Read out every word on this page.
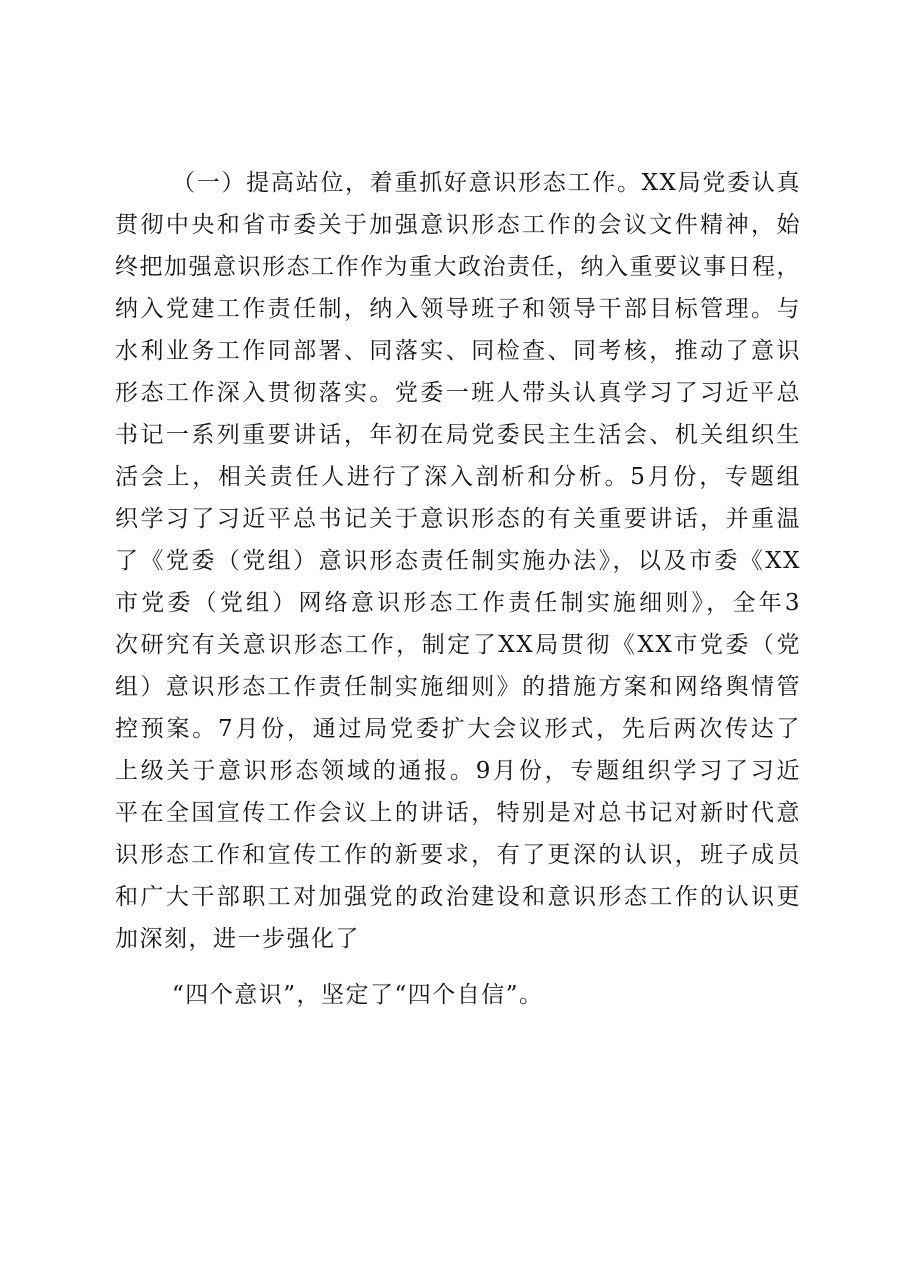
（一）提高站位，着重抓好意识形态工作。XX局党委认真
贯彻中央和省市委关于加强意识形态工作的会议文件精神，始
终把加强意识形态工作作为重大政治责任，纳入重要议事日程，
纳入党建工作责任制，纳入领导班子和领导干部目标管理。与
水利业务工作同部署、同落实、同检查、同考核，推动了意识
形态工作深入贯彻落实。党委一班人带头认真学习了习近平总
书记一系列重要讲话，年初在局党委民主生活会、机关组织生
活会上，相关责任人进行了深入剖析和分析。5月份，专题组
织学习了习近平总书记关于意识形态的有关重要讲话，并重温
了《党委（党组）意识形态责任制实施办法》，以及市委《XX
市党委（党组）网络意识形态工作责任制实施细则》，全年3
次研究有关意识形态工作，制定了XX局贯彻《XX市党委（党
组）意识形态工作责任制实施细则》的措施方案和网络舆情管
控预案。7月份，通过局党委扩大会议形式，先后两次传达了
上级关于意识形态领域的通报。9月份，专题组织学习了习近
平在全国宣传工作会议上的讲话，特别是对总书记对新时代意
识形态工作和宣传工作的新要求，有了更深的认识，班子成员
和广大干部职工对加强党的政治建设和意识形态工作的认识更
加深刻，进一步强化了
“四个意识”，坚定了“四个自信”。
